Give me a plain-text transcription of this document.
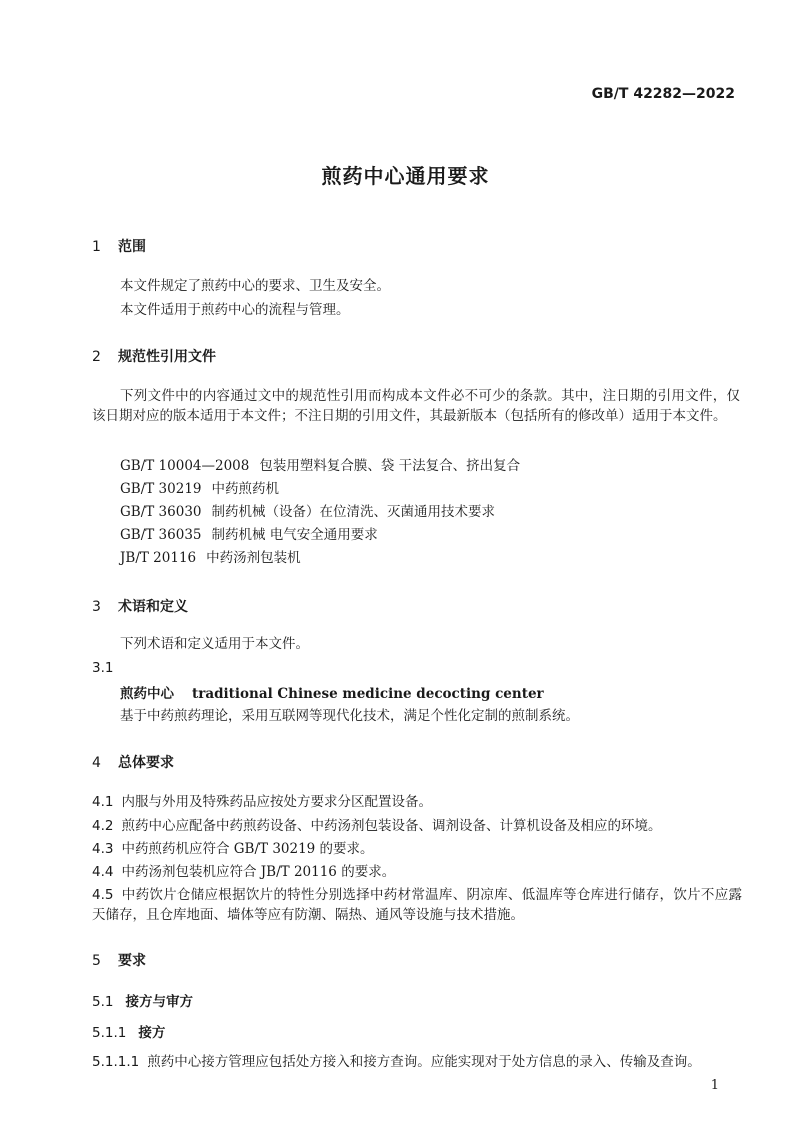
GB/T 42282—2022
煎药中心通用要求
1 范围
本文件规定了煎药中心的要求、卫生及安全。
本文件适用于煎药中心的流程与管理。
2 规范性引用文件
下列文件中的内容通过文中的规范性引用而构成本文件必不可少的条款。其中，注日期的引用文件，仅该日期对应的版本适用于本文件；不注日期的引用文件，其最新版本（包括所有的修改单）适用于本文件。
GB/T 10004—2008 包装用塑料复合膜、袋 干法复合、挤出复合
GB/T 30219 中药煎药机
GB/T 36030 制药机械（设备）在位清洗、灭菌通用技术要求
GB/T 36035 制药机械 电气安全通用要求
JB/T 20116 中药汤剂包装机
3 术语和定义
下列术语和定义适用于本文件。
3.1
煎药中心 traditional Chinese medicine decocting center
基于中药煎药理论，采用互联网等现代化技术，满足个性化定制的煎制系统。
4 总体要求
4.1 内服与外用及特殊药品应按处方要求分区配置设备。
4.2 煎药中心应配备中药煎药设备、中药汤剂包装设备、调剂设备、计算机设备及相应的环境。
4.3 中药煎药机应符合 GB/T 30219 的要求。
4.4 中药汤剂包装机应符合 JB/T 20116 的要求。
4.5 中药饮片仓储应根据饮片的特性分别选择中药材常温库、阴凉库、低温库等仓库进行储存，饮片不应露天储存，且仓库地面、墙体等应有防潮、隔热、通风等设施与技术措施。
5 要求
5.1 接方与审方
5.1.1 接方
5.1.1.1 煎药中心接方管理应包括处方接入和接方查询。应能实现对于处方信息的录入、传输及查询。
1
